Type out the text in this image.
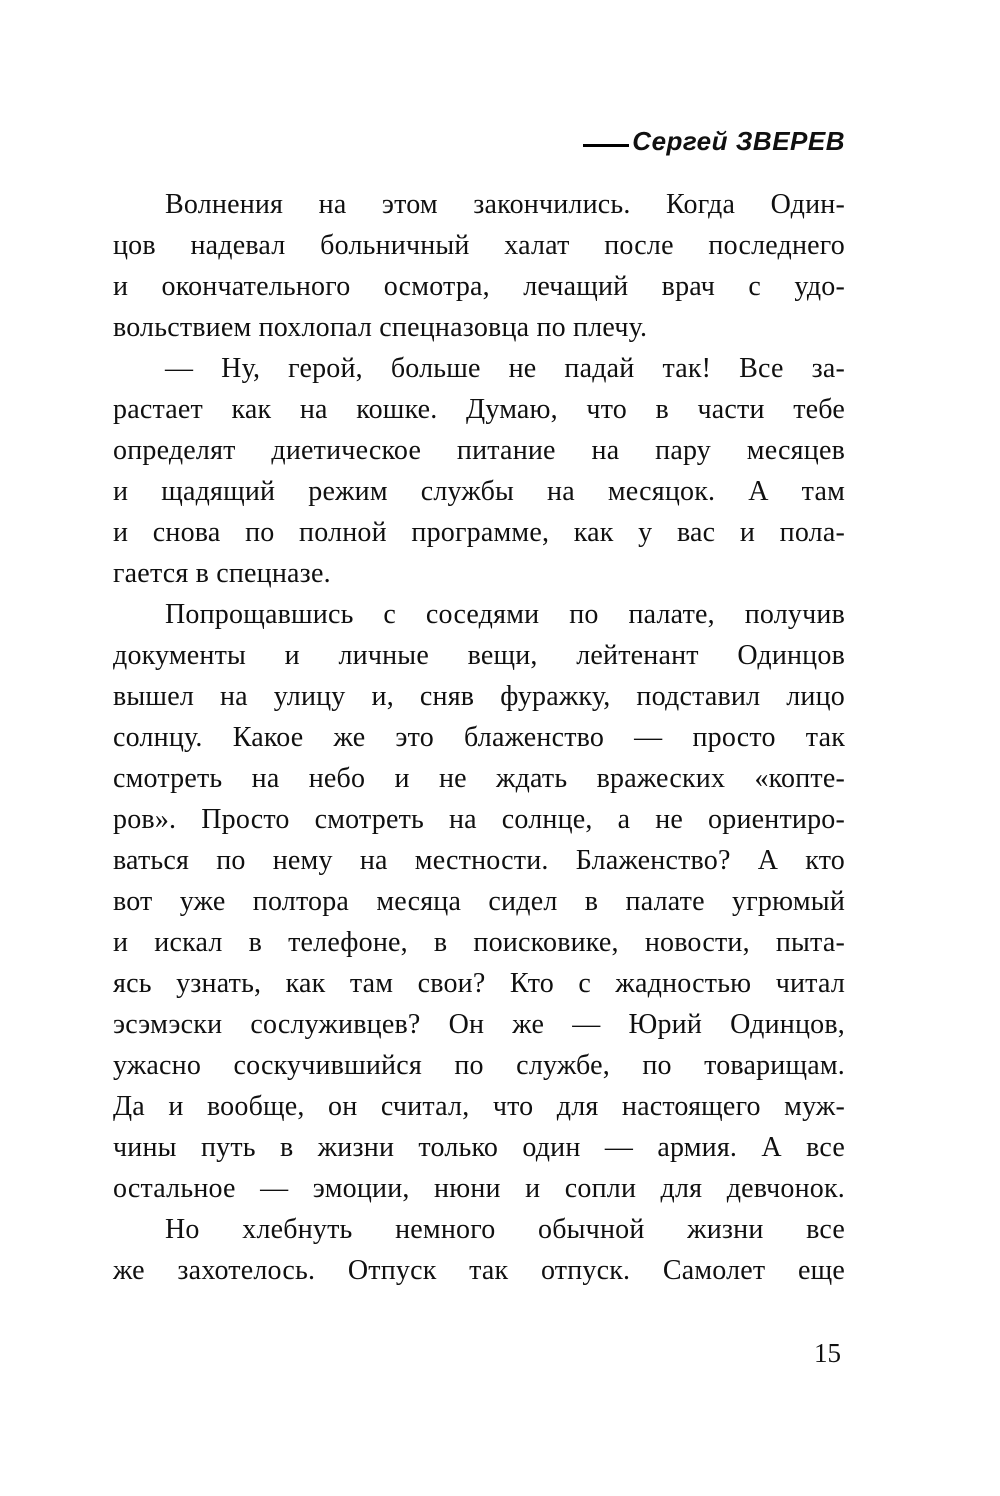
Сергей ЗВЕРЕВ
Волнения на этом закончились. Когда Один-
цов надевал больничный халат после последнего
и окончательного осмотра, лечащий врач с удо-
вольствием похлопал спецназовца по плечу.
— Ну, герой, больше не падай так! Все за-
растает как на кошке. Думаю, что в части тебе
определят диетическое питание на пару месяцев
и щадящий режим службы на месяцок. А там
и снова по полной программе, как у вас и пола-
гается в спецназе.
Попрощавшись с соседями по палате, получив
документы и личные вещи, лейтенант Одинцов
вышел на улицу и, сняв фуражку, подставил лицо
солнцу. Какое же это блаженство — просто так
смотреть на небо и не ждать вражеских «копте-
ров». Просто смотреть на солнце, а не ориентиро-
ваться по нему на местности. Блаженство? А кто
вот уже полтора месяца сидел в палате угрюмый
и искал в телефоне, в поисковике, новости, пыта-
ясь узнать, как там свои? Кто с жадностью читал
эсэмэски сослуживцев? Он же — Юрий Одинцов,
ужасно соскучившийся по службе, по товарищам.
Да и вообще, он считал, что для настоящего муж-
чины путь в жизни только один — армия. А все
остальное — эмоции, нюни и сопли для девчонок.
Но хлебнуть немного обычной жизни все
же захотелось. Отпуск так отпуск. Самолет еще
15
